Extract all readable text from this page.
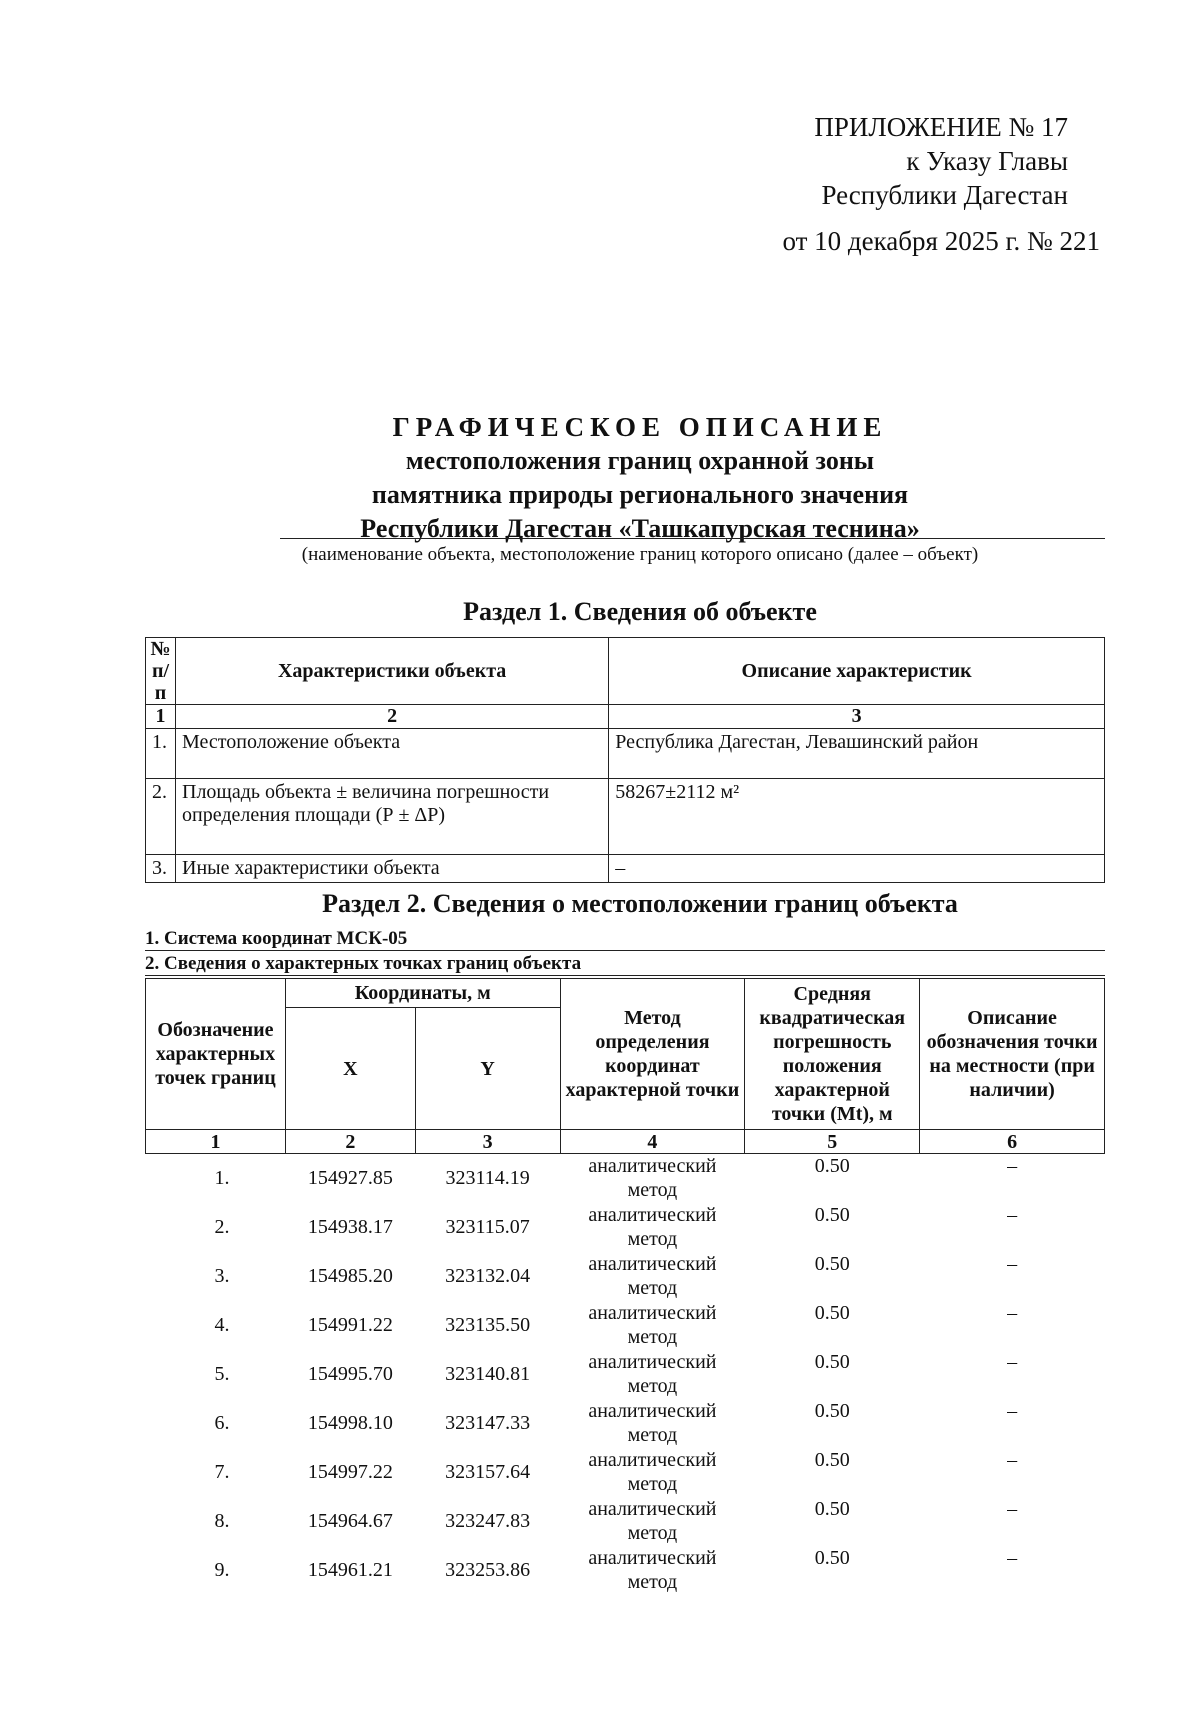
ПРИЛОЖЕНИЕ № 17
к Указу Главы
Республики Дагестан
от 10 декабря 2025 г. № 221
ГРАФИЧЕСКОЕ ОПИСАНИЕ
местоположения границ охранной зоны
памятника природы регионального значения
Республики Дагестан «Ташкапурская теснина»
(наименование объекта, местоположение границ которого описано (далее – объект)
Раздел 1. Сведения об объекте
№ п/п	Характеристики объекта	Описание характеристик
1	2	3
1.	Местоположение объекта	Республика Дагестан, Левашинский район
2.	Площадь объекта ± величина погрешности определения площади (Р ± ΔР)	58267±2112 м²
3.	Иные характеристики объекта	–
Раздел 2. Сведения о местоположении границ объекта
1. Система координат МСК-05
2. Сведения о характерных точках границ объекта
Обозначение характерных точек границ	Координаты, м		Метод определения координат характерной точки	Средняя квадратическая погрешность положения характерной точки (Mt), м	Описание обозначения точки на местности (при наличии)
	X	Y			
1	2	3	4	5	6
1.	154927.85	323114.19	аналитический метод	0.50	–
2.	154938.17	323115.07	аналитический метод	0.50	–
3.	154985.20	323132.04	аналитический метод	0.50	–
4.	154991.22	323135.50	аналитический метод	0.50	–
5.	154995.70	323140.81	аналитический метод	0.50	–
6.	154998.10	323147.33	аналитический метод	0.50	–
7.	154997.22	323157.64	аналитический метод	0.50	–
8.	154964.67	323247.83	аналитический метод	0.50	–
9.	154961.21	323253.86	аналитический метод	0.50	–
